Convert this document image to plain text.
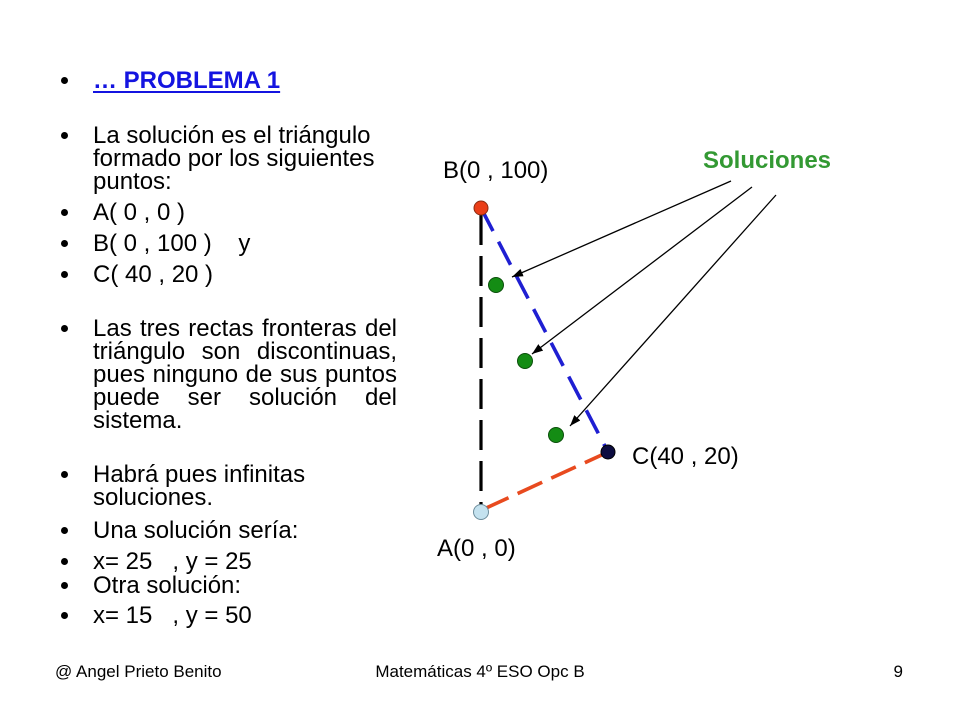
B(0 , 100)	Soluciones
C(40 , 20)
A(0 , 0)
… PROBLEMA 1
La solución es el triángulo formado por los siguientes puntos:
A( 0 , 0 )
B( 0 , 100 )    y
C( 40 , 20 )
Las tres rectas fronteras del triángulo son discontinuas, pues ninguno de sus puntos puede ser solución del sistema.
Habrá pues infinitas soluciones.
Una solución sería:
x= 25   , y = 25
Otra solución:
x= 15   , y = 50
Matemáticas 4º ESO Opc B
@ Angel Prieto Benito	9
